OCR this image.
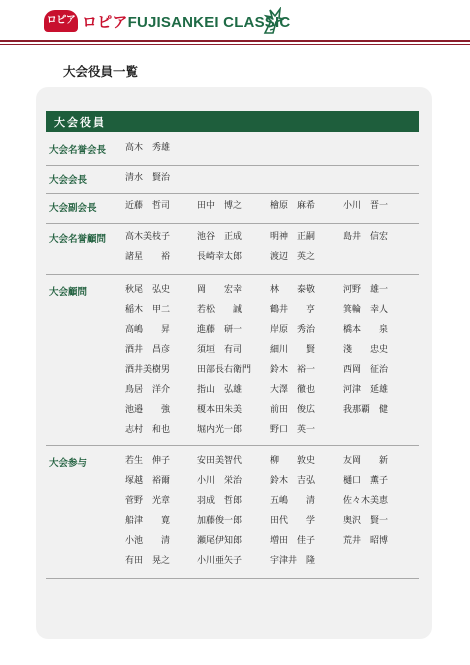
ロピア ロピアFUJISANKEI CLASSIC
大会役員一覧
大会役員
大会名誉会長 高木　秀雄
大会会長	清水　賢治
大会副会長	近藤　哲司	田中　博之	檜原　麻希	小川　晋一
大会名誉顧問 高木美枝子	池谷　正成	明神　正嗣	島井　信宏
諸星　　裕	長崎幸太郎	渡辺　英之
大会顧問	秋尾　弘史	岡　　宏幸	林　　泰敬	河野　雄一
稲木　甲二	若松　　誠	鶴井　　亨	箕輪　幸人
高嶋　　昇	進藤　研一	岸原　秀治	橋本　　泉
酒井　昌彦	須垣　有司	細川　　賢	淺　　忠史
酒井美樹男	田部長右衛門 鈴木　裕一	西岡　征治
鳥居　洋介	指山　弘雄	大澤　徹也	河津　延雄
池邉　　強	榎本田朱美	前田　俊広	我那覇　健
志村　和也	堀内光一郎	野口　英一
大会参与	若生　伸子	安田美智代	柳　　敦史	友岡　　新
塚越　裕爾	小川　栄治	鈴木　吉弘	樋口　薫子
菅野　光章	羽成　哲郎	五嶋　　清	佐々木美恵
船津　　寛	加藤俊一郎	田代　　学	奥沢　賢一
小池　　清	瀬尾伊知郎	増田　佳子	荒井　昭博
有田　晃之	小川亜矢子	宇津井　隆
